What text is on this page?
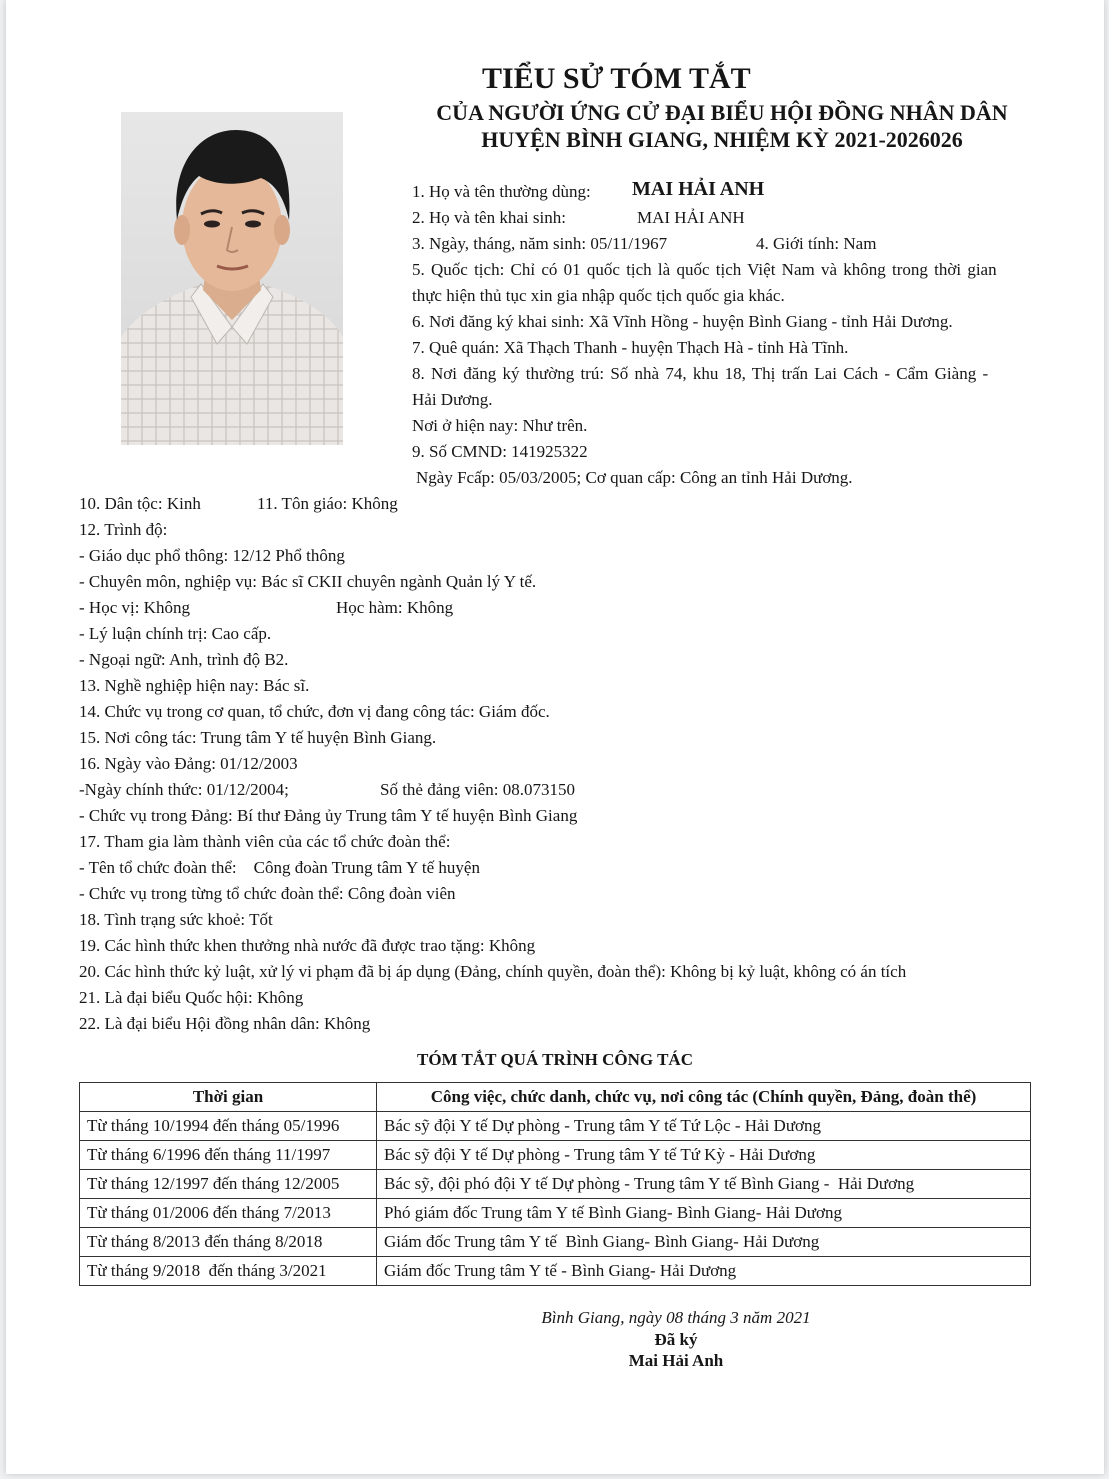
TIỂU SỬ TÓM TẮT
CỦA NGƯỜI ỨNG CỬ ĐẠI BIỂU HỘI ĐỒNG NHÂN DÂN
HUYỆN BÌNH GIANG, NHIỆM KỲ 2021-2026026
1. Họ và tên thường dùng: MAI HẢI ANH
2. Họ và tên khai sinh:	MAI HẢI ANH
3. Ngày, tháng, năm sinh: 05/11/1967	4. Giới tính: Nam
5. Quốc tịch: Chỉ có 01 quốc tịch là quốc tịch Việt Nam và không trong thời gian
thực hiện thủ tục xin gia nhập quốc tịch quốc gia khác.
6. Nơi đăng ký khai sinh: Xã Vĩnh Hồng - huyện Bình Giang - tỉnh Hải Dương.
7. Quê quán: Xã Thạch Thanh - huyện Thạch Hà - tỉnh Hà Tĩnh.
8. Nơi đăng ký thường trú: Số nhà 74, khu 18, Thị trấn Lai Cách - Cẩm Giàng -
Hải Dương.
Nơi ở hiện nay: Như trên.
9. Số CMND: 141925322
Ngày Fcấp: 05/03/2005; Cơ quan cấp: Công an tỉnh Hải Dương.
10. Dân tộc: Kinh	11. Tôn giáo: Không
12. Trình độ:
- Giáo dục phổ thông: 12/12 Phổ thông
- Chuyên môn, nghiệp vụ: Bác sĩ CKII chuyên ngành Quản lý Y tế.
- Học vị: Không	Học hàm: Không
- Lý luận chính trị: Cao cấp.
- Ngoại ngữ: Anh, trình độ B2.
13. Nghề nghiệp hiện nay: Bác sĩ.
14. Chức vụ trong cơ quan, tổ chức, đơn vị đang công tác: Giám đốc.
15. Nơi công tác: Trung tâm Y tế huyện Bình Giang.
16. Ngày vào Đảng: 01/12/2003
-Ngày chính thức: 01/12/2004;	Số thẻ đảng viên: 08.073150
- Chức vụ trong Đảng: Bí thư Đảng ủy Trung tâm Y tế huyện Bình Giang
17. Tham gia làm thành viên của các tổ chức đoàn thể:
- Tên tổ chức đoàn thể:    Công đoàn Trung tâm Y tế huyện
- Chức vụ trong từng tổ chức đoàn thể: Công đoàn viên
18. Tình trạng sức khoẻ: Tốt
19. Các hình thức khen thưởng nhà nước đã được trao tặng: Không
20. Các hình thức kỷ luật, xử lý vi phạm đã bị áp dụng (Đảng, chính quyền, đoàn thể): Không bị kỷ luật, không có án tích
21. Là đại biểu Quốc hội: Không
22. Là đại biểu Hội đồng nhân dân: Không
TÓM TẮT QUÁ TRÌNH CÔNG TÁC
Thời gian	Công việc, chức danh, chức vụ, nơi công tác (Chính quyền, Đảng, đoàn thể)
Từ tháng 10/1994 đến tháng 05/1996	Bác sỹ đội Y tế Dự phòng - Trung tâm Y tế Tứ Lộc - Hải Dương
Từ tháng 6/1996 đến tháng 11/1997	Bác sỹ đội Y tế Dự phòng - Trung tâm Y tế Tứ Kỳ - Hải Dương
Từ tháng 12/1997 đến tháng 12/2005	Bác sỹ, đội phó đội Y tế Dự phòng - Trung tâm Y tế Bình Giang -  Hải Dương
Từ tháng 01/2006 đến tháng 7/2013	Phó giám đốc Trung tâm Y tế Bình Giang- Bình Giang- Hải Dương
Từ tháng 8/2013 đến tháng 8/2018	Giám đốc Trung tâm Y tế  Bình Giang- Bình Giang- Hải Dương
Từ tháng 9/2018  đến tháng 3/2021	Giám đốc Trung tâm Y tế - Bình Giang- Hải Dương
Bình Giang, ngày 08 tháng 3 năm 2021
Đã ký
Mai Hải Anh
